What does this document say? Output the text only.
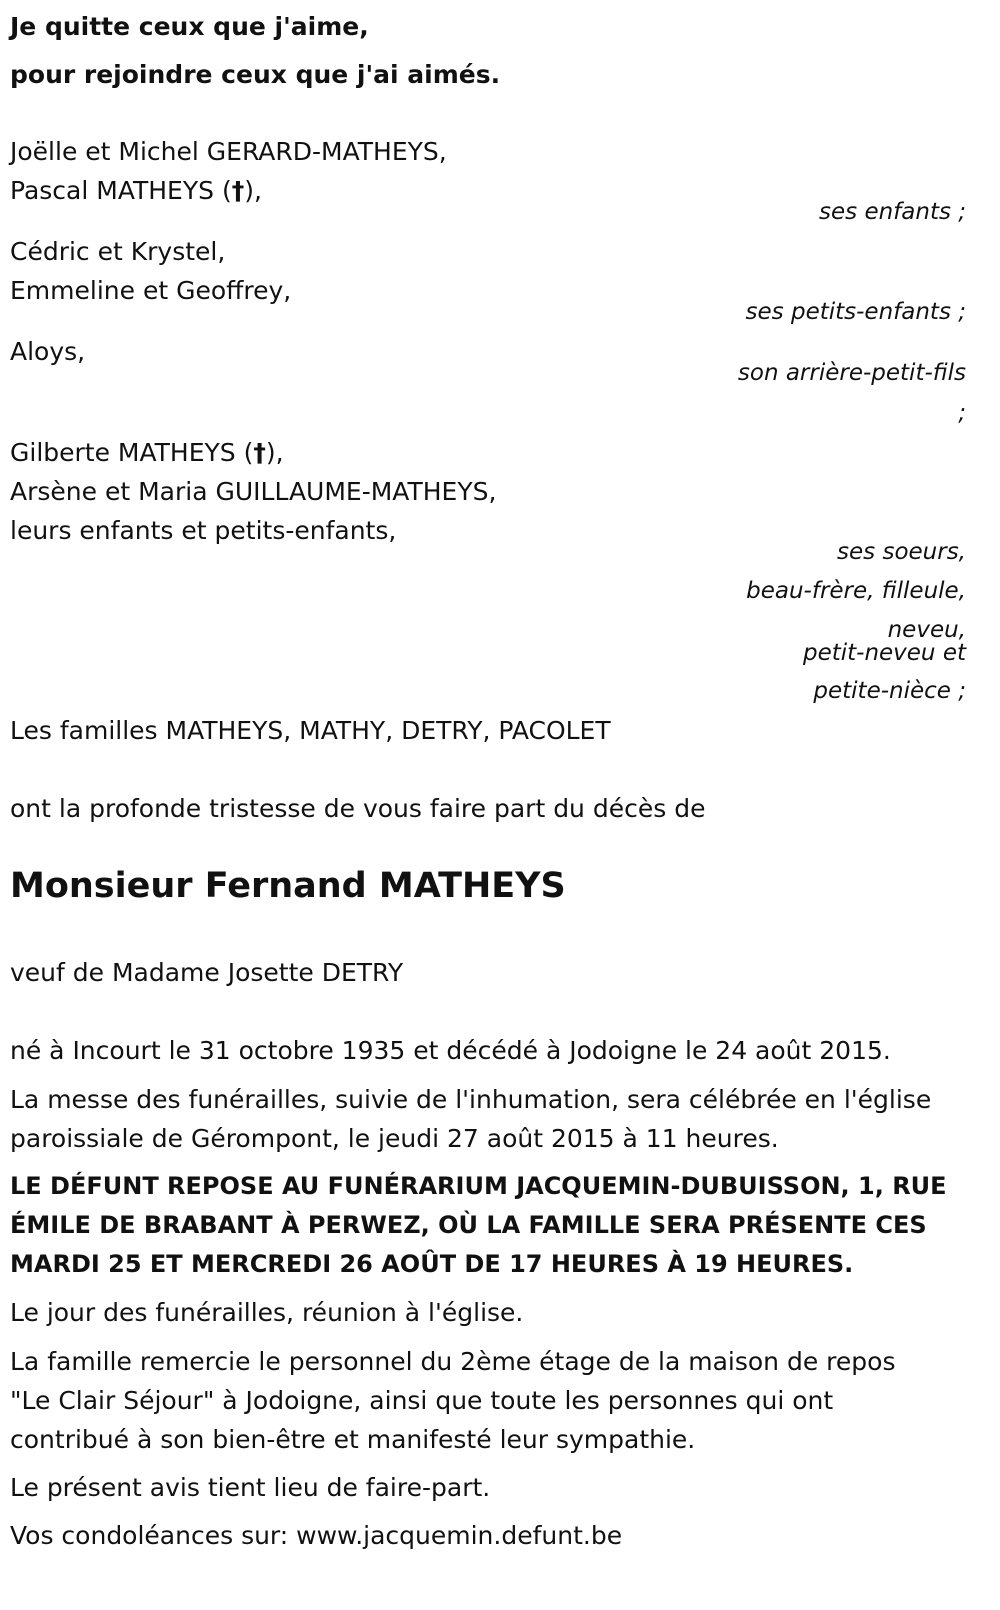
Je quitte ceux que j'aime,
pour rejoindre ceux que j'ai aimés.
Joëlle et Michel GERARD-MATHEYS,
Pascal MATHEYS (†),
ses enfants ;
Cédric et Krystel,
Emmeline et Geoffrey,
ses petits-enfants ;
Aloys,
son arrière-petit-fils
;
Gilberte MATHEYS (†),
Arsène et Maria GUILLAUME-MATHEYS,
leurs enfants et petits-enfants,
ses soeurs,
beau-frère, filleule,
neveu,
petit-neveu et
petite-nièce ;
Les familles MATHEYS, MATHY, DETRY, PACOLET
ont la profonde tristesse de vous faire part du décès de
Monsieur Fernand MATHEYS
veuf de Madame Josette DETRY
né à Incourt le 31 octobre 1935 et décédé à Jodoigne le 24 août 2015.
La messe des funérailles, suivie de l'inhumation, sera célébrée en l'église
paroissiale de Gérompont, le jeudi 27 août 2015 à 11 heures.
LE DÉFUNT REPOSE AU FUNÉRARIUM JACQUEMIN-DUBUISSON, 1, RUE
ÉMILE DE BRABANT À PERWEZ, OÙ LA FAMILLE SERA PRÉSENTE CES
MARDI 25 ET MERCREDI 26 AOÛT DE 17 HEURES À 19 HEURES.
Le jour des funérailles, réunion à l'église.
La famille remercie le personnel du 2ème étage de la maison de repos
"Le Clair Séjour" à Jodoigne, ainsi que toute les personnes qui ont
contribué à son bien-être et manifesté leur sympathie.
Le présent avis tient lieu de faire-part.
Vos condoléances sur: www.jacquemin.defunt.be
